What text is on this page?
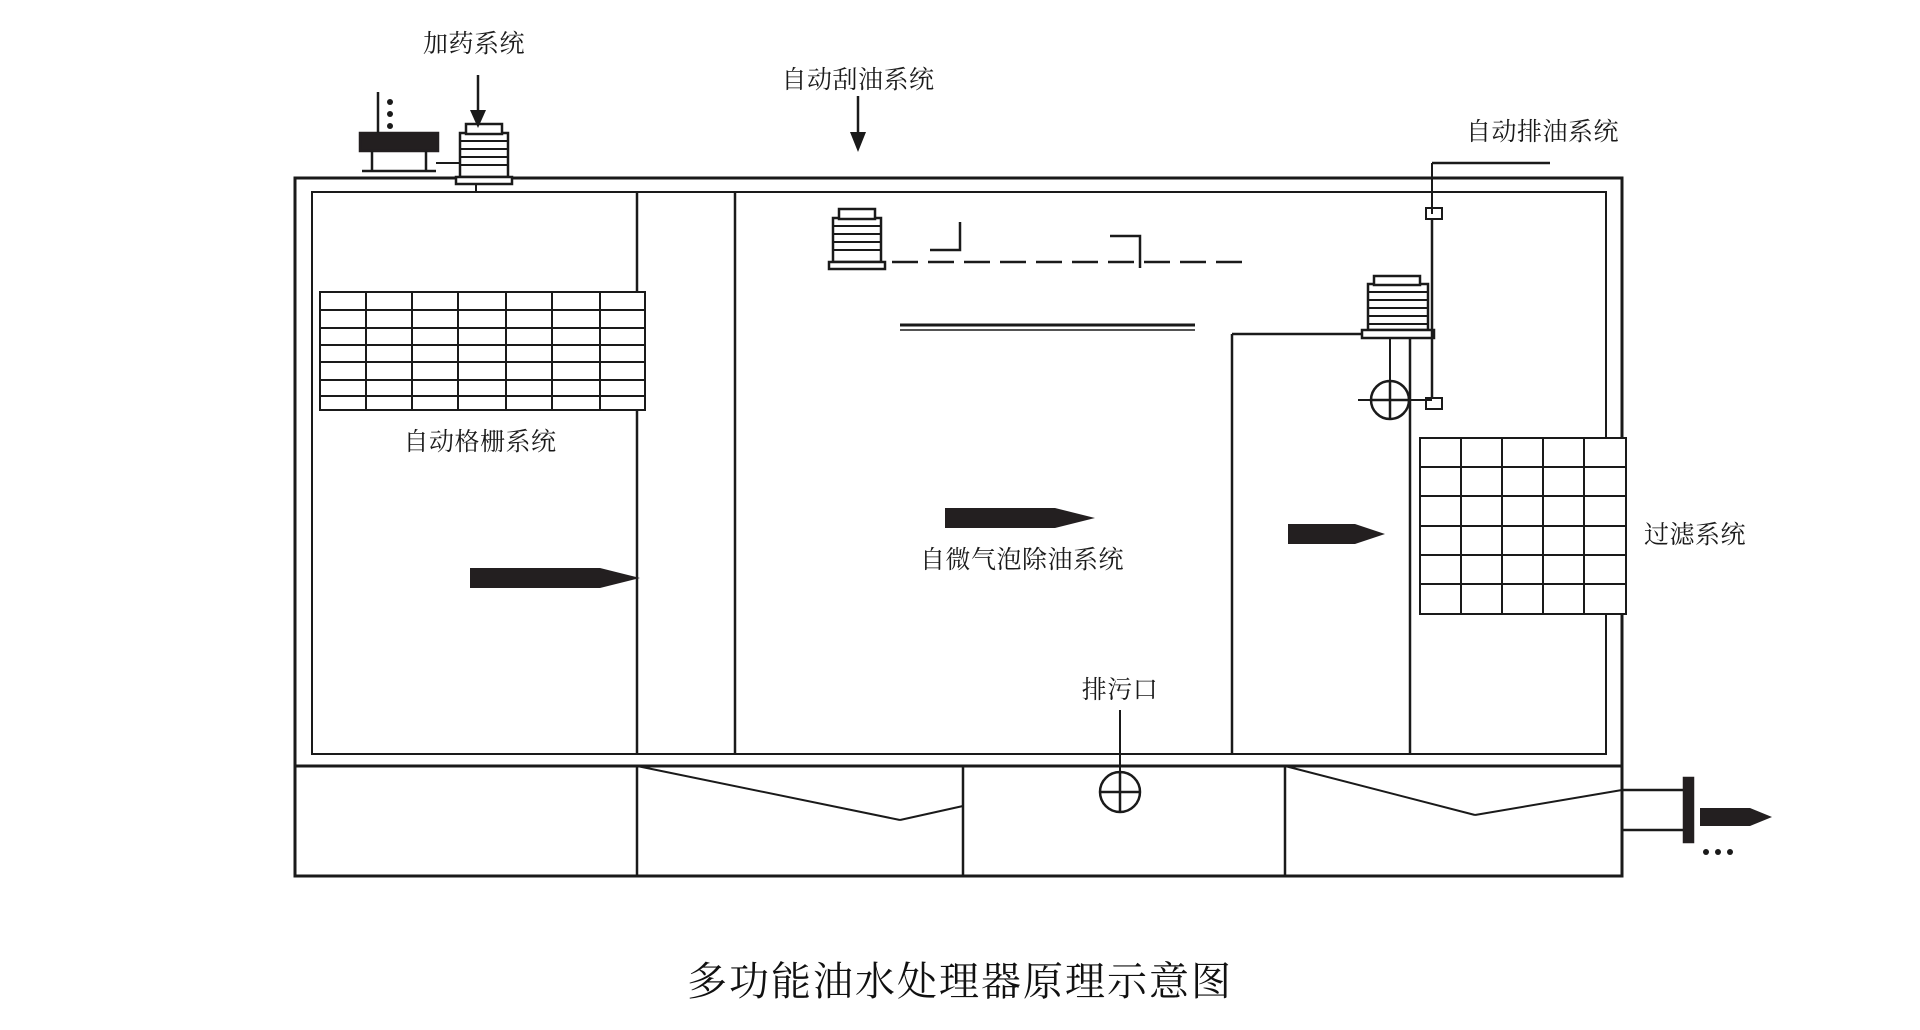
加药系统
自动刮油系统
自动排油系统
自动格栅系统
自微气泡除油系统
过滤系统
排污口
多功能油水处理器原理示意图
